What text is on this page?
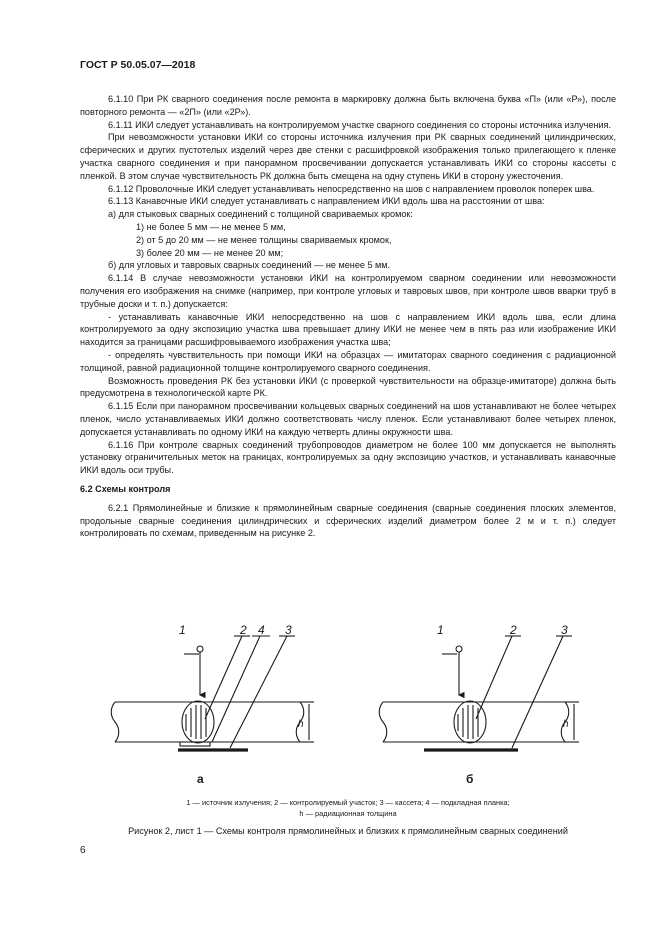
ГОСТ Р 50.05.07—2018

6.1.10 При РК сварного соединения после ремонта в маркировку должна быть включена буква «П» (или «Р»), после повторного ремонта — «2П» (или «2Р»).

6.1.11 ИКИ следует устанавливать на контролируемом участке сварного соединения со стороны источника излучения.

При невозможности установки ИКИ со стороны источника излучения при РК сварных соединений цилиндрических, сферических и других пустотелых изделий через две стенки с расшифровкой изображения только прилегающего к пленке участка сварного соединения и при панорамном просвечивании допускается устанавливать ИКИ со стороны кассеты с пленкой. В этом случае чувствительность РК должна быть смещена на одну ступень ИКИ в сторону ужесточения.

6.1.12 Проволочные ИКИ следует устанавливать непосредственно на шов с направлением проволок поперек шва.

6.1.13 Канавочные ИКИ следует устанавливать с направлением ИКИ вдоль шва на расстоянии от шва:

а) для стыковых сварных соединений с толщиной свариваемых кромок:

1) не более 5 мм — не менее 5 мм,

2) от 5 до 20 мм — не менее толщины свариваемых кромок,

3) более 20 мм — не менее 20 мм;

б) для угловых и тавровых сварных соединений — не менее 5 мм.

6.1.14 В случае невозможности установки ИКИ на контролируемом сварном соединении или невозможности получения его изображения на снимке (например, при контроле угловых и тавровых швов, при контроле швов вварки труб в трубные доски и т. п.) допускается:

- устанавливать канавочные ИКИ непосредственно на шов с направлением ИКИ вдоль шва, если длина контролируемого за одну экспозицию участка шва превышает длину ИКИ не менее чем в пять раз или изображение ИКИ находится за границами расшифровываемого изображения участка шва;

- определять чувствительность при помощи ИКИ на образцах — имитаторах сварного соединения с радиационной толщиной, равной радиационной толщине контролируемого сварного соединения.

Возможность проведения РК без установки ИКИ (с проверкой чувствительности на образце-имитаторе) должна быть предусмотрена в технологической карте РК.

6.1.15 Если при панорамном просвечивании кольцевых сварных соединений на шов устанавливают не более четырех пленок, число устанавливаемых ИКИ должно соответствовать числу пленок. Если устанавливают более четырех пленок, допускается устанавливать по одному ИКИ на каждую четверть длины окружности шва.

6.1.16 При контроле сварных соединений трубопроводов диаметром не более 100 мм допускается не выполнять установку ограничительных меток на границах, контролируемых за одну экспозицию участков, и устанавливать канавочные ИКИ вдоль оси трубы.

6.2 Схемы контроля

6.2.1 Прямолинейные и близкие к прямолинейным сварные соединения (сварные соединения плоских элементов, продольные сварные соединения цилиндрических и сферических изделий диаметром более 2 м и т. п.) следует контролировать по схемам, приведенным на рисунке 2.

1	2 4 3	1	2	3
h	h
а	б
1 — источник излучения; 2 — контролируемый участок; 3 — кассета; 4 — подкладная планка;
h — радиационная толщина
Рисунок 2, лист 1 — Схемы контроля прямолинейных и близких к прямолинейным сварных соединений
6
